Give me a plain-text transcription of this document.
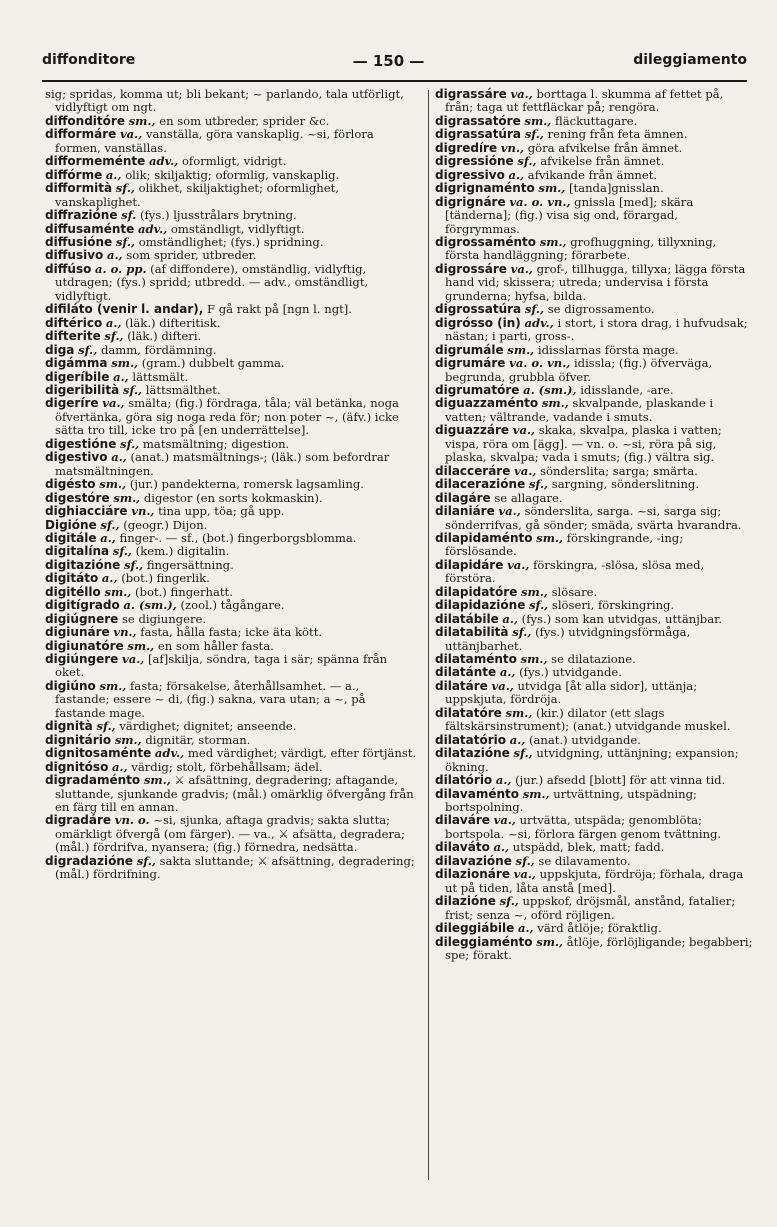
diffonditore	— 150 —	dileggiamento

sig; spridas, komma ut; bli bekant; ~ parlando, tala utförligt, vidlyftigt om ngt.

diffonditóre sm., en som utbreder, sprider &c.

difformáre va., vanställa, göra vanskaplig. ~si, förlora formen, vanställas.

difformeménte adv., oformligt, vidrigt.

diffórme a., olik; skiljaktig; oformlig, vanskaplig.

difformità sf., olikhet, skiljaktighet; oformlighet, vanskaplighet.

diffrazióne sf. (fys.) ljusstrålars brytning.

diffusaménte adv., omständligt, vidlyftigt.

diffusióne sf., omständlighet; (fys.) spridning.

diffusivo a., som sprider, utbreder.

diffúso a. o. pp. (af diffondere), omständlig, vidlyftig, utdragen; (fys.) spridd; utbredd. — adv., omständligt, vidlyftigt.

difiláto (venir l. andar), F gå rakt på [ngn l. ngt].

diftérico a., (läk.) difteritisk.

difterite sf., (läk.) difteri.

diga sf., damm, fördämning.

digámma sm., (gram.) dubbelt gamma.

digeríbile a., lättsmält.

digeribilità sf., lättsmälthet.

digeríre va., smälta; (fig.) fördraga, tåla; väl betänka, noga öfvertänka, göra sig noga reda för; non poter ~, (äfv.) icke sätta tro till, icke tro på [en underrättelse].

digestióne sf., matsmältning; digestion.

digestivo a., (anat.) matsmältnings-; (läk.) som befordrar matsmältningen.

digésto sm., (jur.) pandekterna, romersk lagsamling.

digestóre sm., digestor (en sorts kokmaskin).

dighiacciáre vn., tina upp, töa; gå upp.

Digióne sf., (geogr.) Dijon.

digitále a., finger-. — sf., (bot.) fingerborgsblomma.

digitalína sf., (kem.) digitalin.

digitazióne sf., fingersättning.

digitáto a., (bot.) fingerlik.

digitéllo sm., (bot.) fingerhatt.

digitígrado a. (sm.), (zool.) tågångare.

digiúgnere se digiungere.

digiunáre vn., fasta, hålla fasta; icke äta kött.

digiunatóre sm., en som håller fasta.

digiúngere va., [af]skilja, söndra, taga i sär; spänna från oket.

digiúno sm., fasta; försakelse, återhållsamhet. — a., fastande; essere ~ di, (fig.) sakna, vara utan; a ~, på fastande mage.

dignità sf., värdighet; dignitet; anseende.

dignitário sm., dignitär, storman.

dignitosaménte adv., med värdighet; värdigt, efter förtjänst.

dignitóso a., värdig; stolt, förbehållsam; ädel.

digradaménto sm., ⚔ afsättning, degradering; aftagande, sluttande, sjunkande gradvis; (mål.) omärklig öfvergång från en färg till en annan.

digradáre vn. o. ~si, sjunka, aftaga gradvis; sakta slutta; omärkligt öfvergå (om färger). — va., ⚔ afsätta, degradera; (mål.) fördrifva, nyansera; (fig.) förnedra, nedsätta.

digradazióne sf., sakta sluttande; ⚔ afsättning, degradering; (mål.) fördrifning.

digrassáre va., borttaga l. skumma af fettet på, från; taga ut fettfläckar på; rengöra.

digrassatóre sm., fläckuttagare.

digrassatúra sf., rening från feta ämnen.

digredíre vn., göra afvikelse från ämnet.

digressióne sf., afvikelse från ämnet.

digressivo a., afvikande från ämnet.

digrignaménto sm., [tanda]gnisslan.

digrignáre va. o. vn., gnissla [med]; skära [tänderna]; (fig.) visa sig ond, förargad, förgrymmas.

digrossaménto sm., grofhuggning, tillyxning, första handläggning; förarbete.

digrossáre va., grof-, tillhugga, tillyxa; lägga första hand vid; skissera; utreda; undervisa i första grunderna; hyfsa, bilda.

digrossatúra sf., se digrossamento.

digrósso (in) adv., i stort, i stora drag, i hufvudsak; nästan; i parti, gross-.

digrumále sm., idisslarnas första mage.

digrumáre va. o. vn., idissla; (fig.) öfverväga, begrunda, grubbla öfver.

digrumatóre a. (sm.), idisslande, -are.

diguazzaménto sm., skvalpande, plaskande i vatten; vältrande, vadande i smuts.

diguazzáre va., skaka, skvalpa, plaska i vatten; vispa, röra om [ägg]. — vn. o. ~si, röra på sig, plaska, skvalpa; vada i smuts; (fig.) vältra sig.

dilacceráre va., sönderslita; sarga; smärta.

dilacerazióne sf., sargning, sönderslitning.

dilagáre se allagare.

dilaniáre va., sönderslita, sarga. ~si, sarga sig; sönderrifvas, gå sönder; smäda, svärta hvarandra.

dilapidaménto sm., förskingrande, -ing; förslösande.

dilapidáre va., förskingra, -slösa, slösa med, förstöra.

dilapidatóre sm., slösare.

dilapidazióne sf., slöseri, förskingring.

dilatábile a., (fys.) som kan utvidgas, uttänjbar.

dilatabilità sf., (fys.) utvidgningsförmåga, uttänjbarhet.

dilataménto sm., se dilatazione.

dilatánte a., (fys.) utvidgande.

dilatáre va., utvidga [åt alla sidor], uttänja; uppskjuta, fördröja.

dilatatóre sm., (kir.) dilator (ett slags fältskärsinstrument); (anat.) utvidgande muskel.

dilatatório a., (anat.) utvidgande.

dilatazióne sf., utvidgning, uttänjning; expansion; ökning.

dilatório a., (jur.) afsedd [blott] för att vinna tid.

dilavaménto sm., urtvättning, utspädning; bortspolning.

dilaváre va., urtvätta, utspäda; genomblöta; bortspola. ~si, förlora färgen genom tvättning.

dilaváto a., utspädd, blek, matt; fadd.

dilavazióne sf., se dilavamento.

dilazionáre va., uppskjuta, fördröja; förhala, draga ut på tiden, låta anstå [med].

dilazióne sf., uppskof, dröjsmål, anstånd, fatalier; frist; senza ~, oförd röjligen.

dileggiábile a., värd åtlöje; föraktlig.

dileggiaménto sm., åtlöje, förlöjligande; begabberi; spe; förakt.
